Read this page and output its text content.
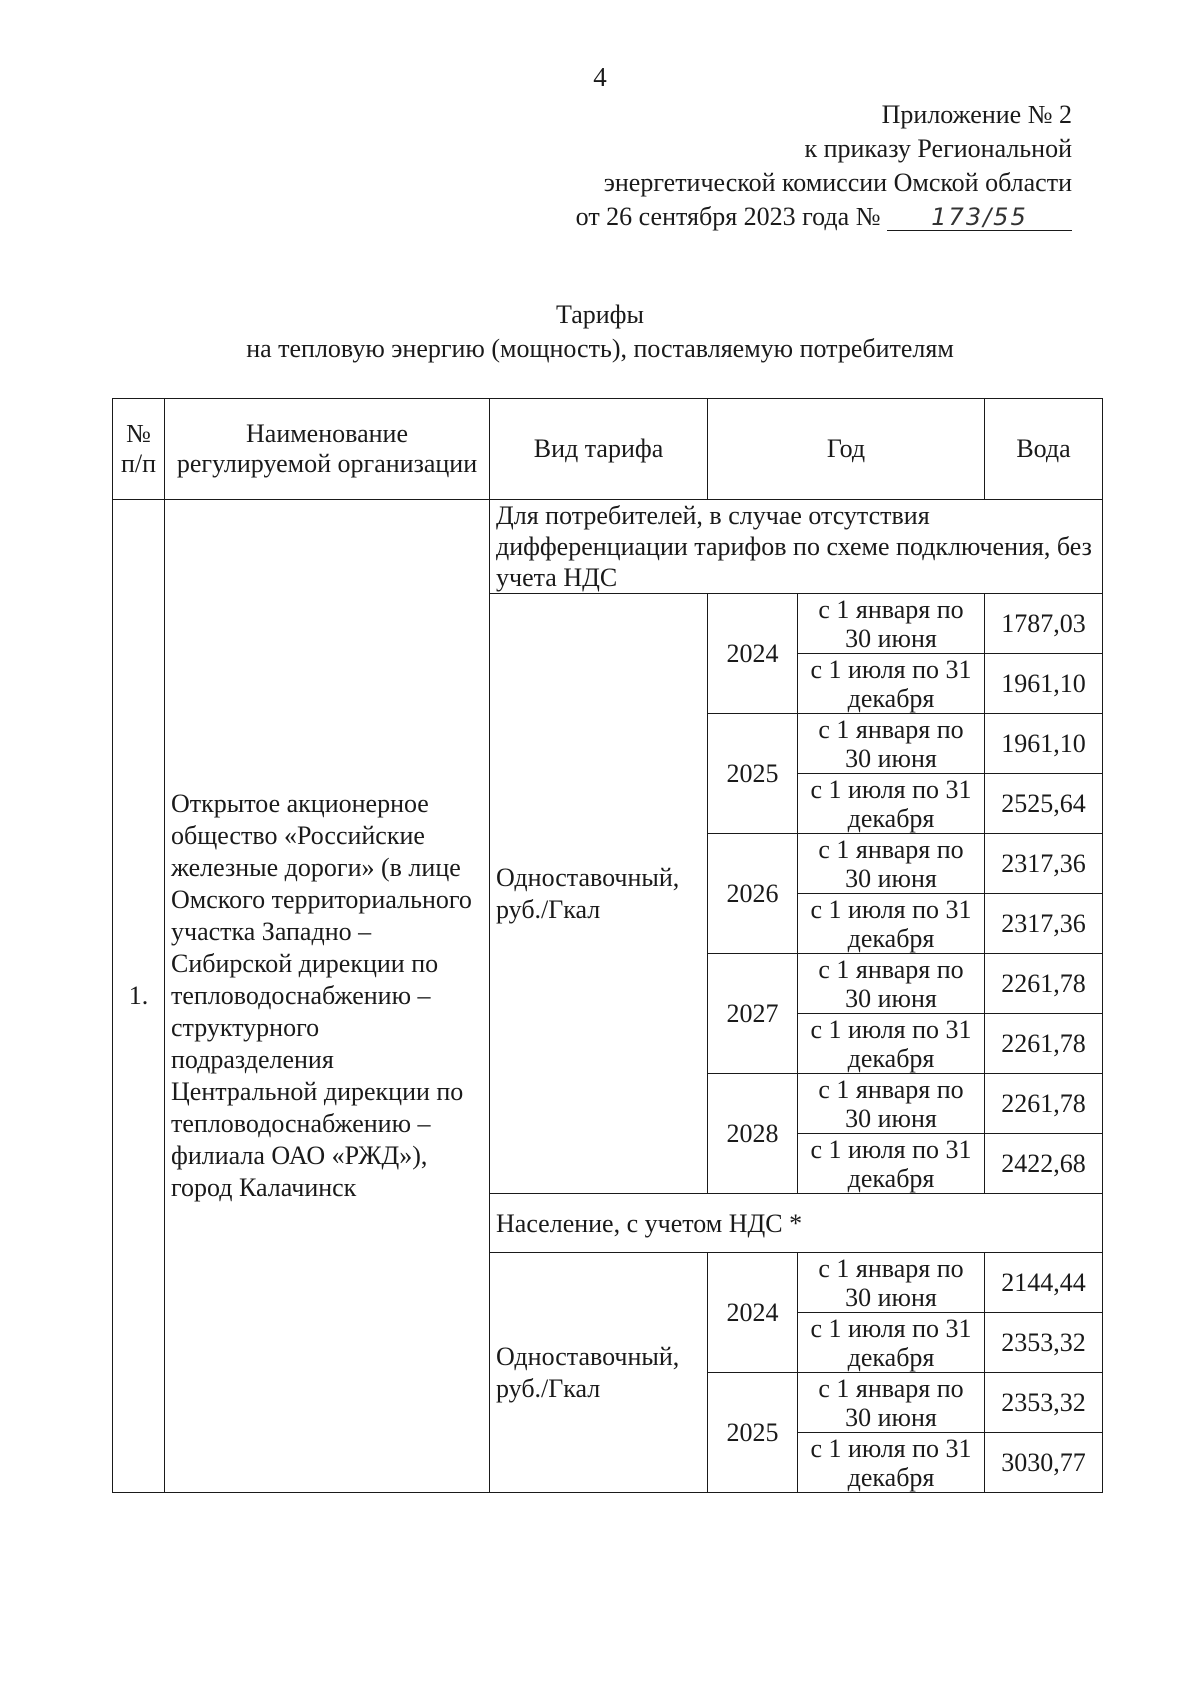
4
Приложение № 2
к приказу Региональной
энергетической комиссии Омской области
от 26 сентября 2023 года № 173/55
Тарифы
на тепловую энергию (мощность), поставляемую потребителям
№ п/п	Наименование регулируемой организации	Вид тарифа	Год		Вода
1.	Открытое акционерное общество «Российские железные дороги» (в лице Омского территориального участка Западно – Сибирской дирекции по тепловодоснабжению – структурного подразделения Центральной дирекции по тепловодоснабжению – филиала ОАО «РЖД»), город Калачинск	Для потребителей, в случае отсутствия дифференциации тарифов по схеме подключения, без учета НДС			
		Одноставочный, руб./Гкал	2024	с 1 января по 30 июня	1787,03
				с 1 июля по 31 декабря	1961,10
			2025	с 1 января по 30 июня	1961,10
				с 1 июля по 31 декабря	2525,64
			2026	с 1 января по 30 июня	2317,36
				с 1 июля по 31 декабря	2317,36
			2027	с 1 января по 30 июня	2261,78
				с 1 июля по 31 декабря	2261,78
			2028	с 1 января по 30 июня	2261,78
				с 1 июля по 31 декабря	2422,68
		Население, с учетом НДС *			
		Одноставочный, руб./Гкал	2024	с 1 января по 30 июня	2144,44
				с 1 июля по 31 декабря	2353,32
			2025	с 1 января по 30 июня	2353,32
				с 1 июля по 31 декабря	3030,77
